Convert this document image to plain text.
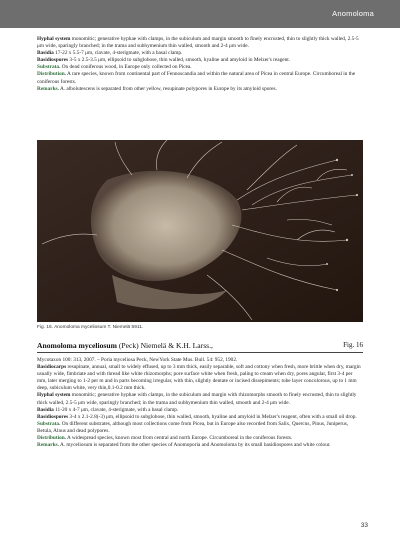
Anomoloma

Hyphal system monomitic; generative hyphae with clamps, in the subiculum and margin smooth to finely encrusted, thin to slightly thick walled, 2.5-5 μm wide, sparingly branched; in the trama and subhymenium thin walled, smooth and 2-4 μm wide.

Basidia 17-22 x 5.5-7 μm, clavate, 4-sterigmate, with a basal clamp.

Basidiospores 3-5 x 2.5-3.5 μm, ellipsoid to subglobose, thin walled, smooth, hyaline and amyloid in Melzer's reagent.

Substrata. On dead coniferous wood, in Europe only collected on Picea.

Distribution. A rare species, known from continental part of Fennoscandia and within the natural area of Picea in central Europe. Circumboreal in the coniferous forests.

Remarks. A. albolutescens is separated from other yellow, resupinate polypores in Europe by its amyloid spores.

Fig. 16. Anomoloma myceliosum T. Niemelä 5911.
Anomoloma myceliosum (Peck) Niemelä & K.H. Larss.,	Fig. 16

Mycotaxon 100: 313, 2007. – Poria myceliosa Peck, NewYork State Mus. Bull. 54: 952, 1902.

Basidiocarps resupinate, annual, small to widely effused, up to 3 mm thick, easily separable, soft and cottony when fresh, more brittle when dry, margin usually wide, fimbriate and with thread like white rhizomorphs; pore surface white when fresh, paling to cream when dry, pores angular, first 3-4 per mm, later merging to 1-2 per m and in parts becoming irregular, with thin, slightly dentate or incised dissepiments; tube layer concolorous, up to 1 mm deep, subiculum white, very thin,0.1-0.2 mm thick.

Hyphal system monomitic; generative hyphae with clamps, in the subiculum and margin with rhizomorphs smooth to finely encrusted, thin to slightly thick walled, 2.5-5 μm wide, sparingly branched; in the trama and subhymenium thin walled, smooth and 2-4 μm wide.

Basidia 11-20 x 4-7 μm, clavate, 4-sterigmate, with a basal clamp.

Basidiospores 3-4 x 2.1-2.8(-3) μm, ellipsoid to subglobose, thin walled, smooth, hyaline and amyloid in Melzer's reagent, often with a small oil drop.

Substrata. On different substrates, although most collections come from Picea, but in Europe also recorded from Salix, Quercus, Pinus, Juniperus, Betula, Alnus and dead polypores.

Distribution. A widespread species, known most from central and north Europe. Circumboreal in the coniferous forests.

Remarks. A. myceliosum is separated from the other species of Anomoporia and Anomoloma by its small basidiospores and white colour.

33
